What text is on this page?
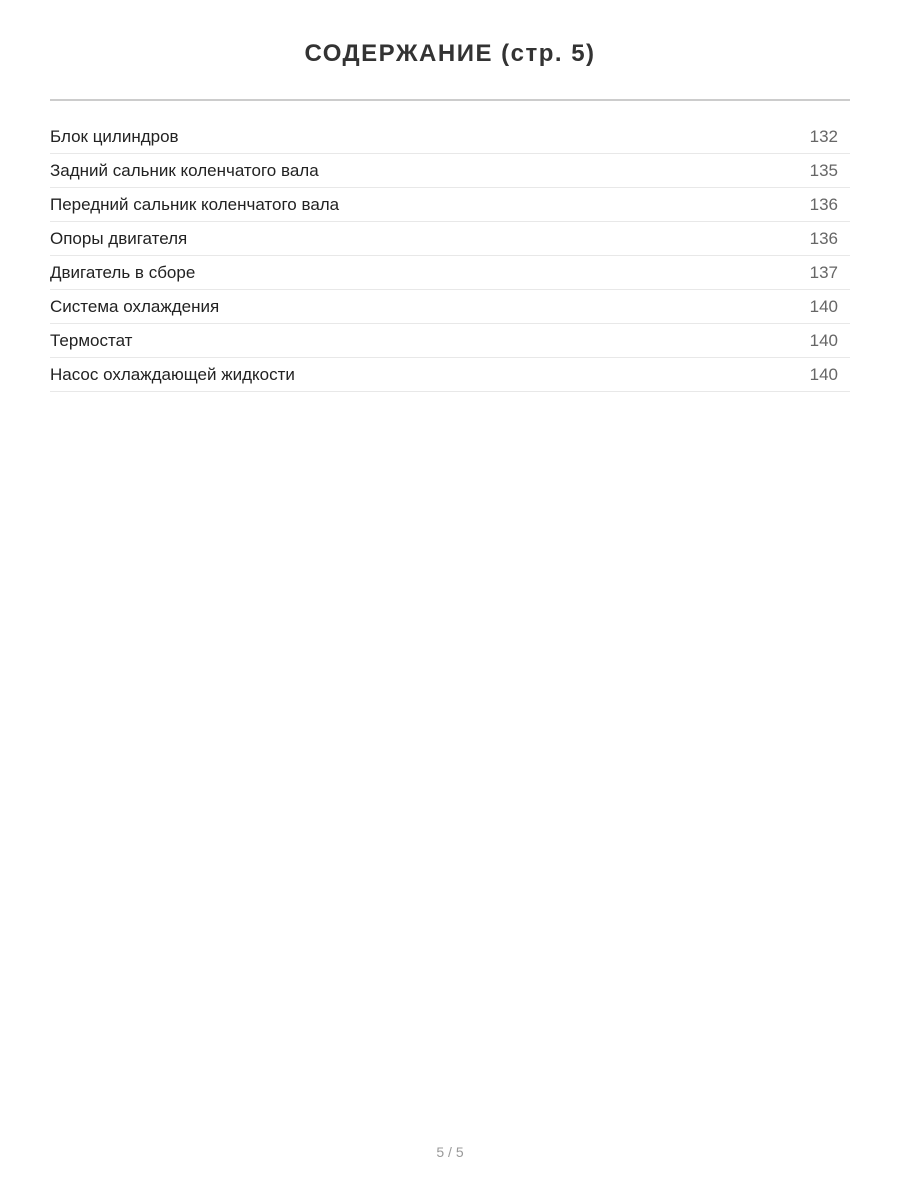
СОДЕРЖАНИЕ (стр. 5)
Блок цилиндров	132
Задний сальник коленчатого вала	135
Передний сальник коленчатого вала	136
Опоры двигателя	136
Двигатель в сборе	137
Система охлаждения	140
Термостат	140
Насос охлаждающей жидкости	140
5 / 5
